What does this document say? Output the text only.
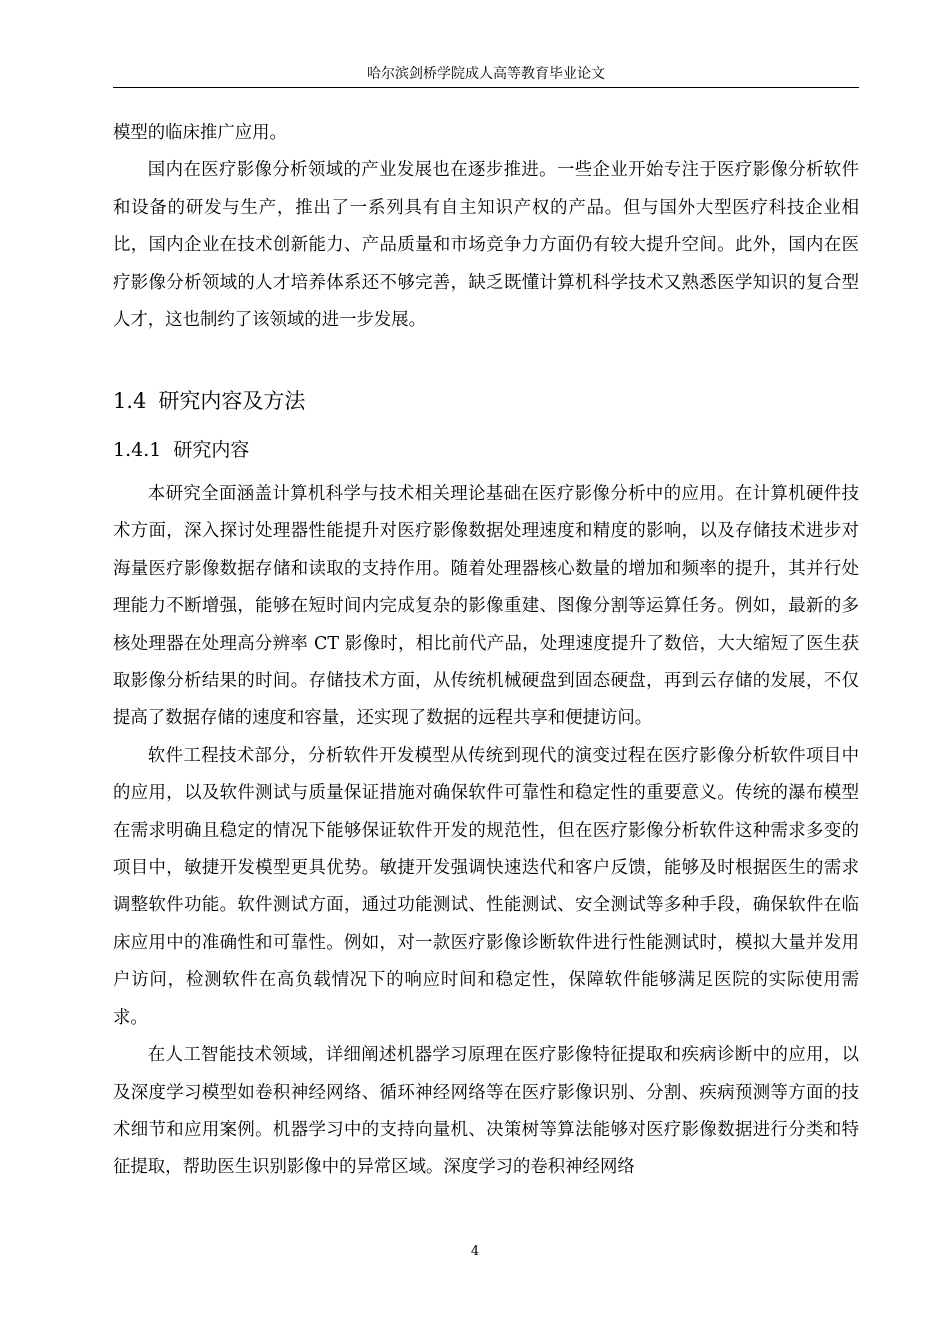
哈尔滨剑桥学院成人高等教育毕业论文

模型的临床推广应用。

国内在医疗影像分析领域的产业发展也在逐步推进。一些企业开始专注于医疗影像分析软件和设备的研发与生产，推出了一系列具有自主知识产权的产品。但与国外大型医疗科技企业相比，国内企业在技术创新能力、产品质量和市场竞争力方面仍有较大提升空间。此外，国内在医疗影像分析领域的人才培养体系还不够完善，缺乏既懂计算机科学技术又熟悉医学知识的复合型人才，这也制约了该领域的进一步发展。

1.4 研究内容及方法
1.4.1 研究内容

本研究全面涵盖计算机科学与技术相关理论基础在医疗影像分析中的应用。在计算机硬件技术方面，深入探讨处理器性能提升对医疗影像数据处理速度和精度的影响，以及存储技术进步对海量医疗影像数据存储和读取的支持作用。随着处理器核心数量的增加和频率的提升，其并行处理能力不断增强，能够在短时间内完成复杂的影像重建、图像分割等运算任务。例如，最新的多核处理器在处理高分辨率 CT 影像时，相比前代产品，处理速度提升了数倍，大大缩短了医生获取影像分析结果的时间。存储技术方面，从传统机械硬盘到固态硬盘，再到云存储的发展，不仅提高了数据存储的速度和容量，还实现了数据的远程共享和便捷访问。

软件工程技术部分，分析软件开发模型从传统到现代的演变过程在医疗影像分析软件项目中的应用，以及软件测试与质量保证措施对确保软件可靠性和稳定性的重要意义。传统的瀑布模型在需求明确且稳定的情况下能够保证软件开发的规范性，但在医疗影像分析软件这种需求多变的项目中，敏捷开发模型更具优势。敏捷开发强调快速迭代和客户反馈，能够及时根据医生的需求调整软件功能。软件测试方面，通过功能测试、性能测试、安全测试等多种手段，确保软件在临床应用中的准确性和可靠性。例如，对一款医疗影像诊断软件进行性能测试时，模拟大量并发用户访问，检测软件在高负载情况下的响应时间和稳定性，保障软件能够满足医院的实际使用需求。

在人工智能技术领域，详细阐述机器学习原理在医疗影像特征提取和疾病诊断中的应用，以及深度学习模型如卷积神经网络、循环神经网络等在医疗影像识别、分割、疾病预测等方面的技术细节和应用案例。机器学习中的支持向量机、决策树等算法能够对医疗影像数据进行分类和特征提取，帮助医生识别影像中的异常区域。深度学习的卷积神经网络

4
